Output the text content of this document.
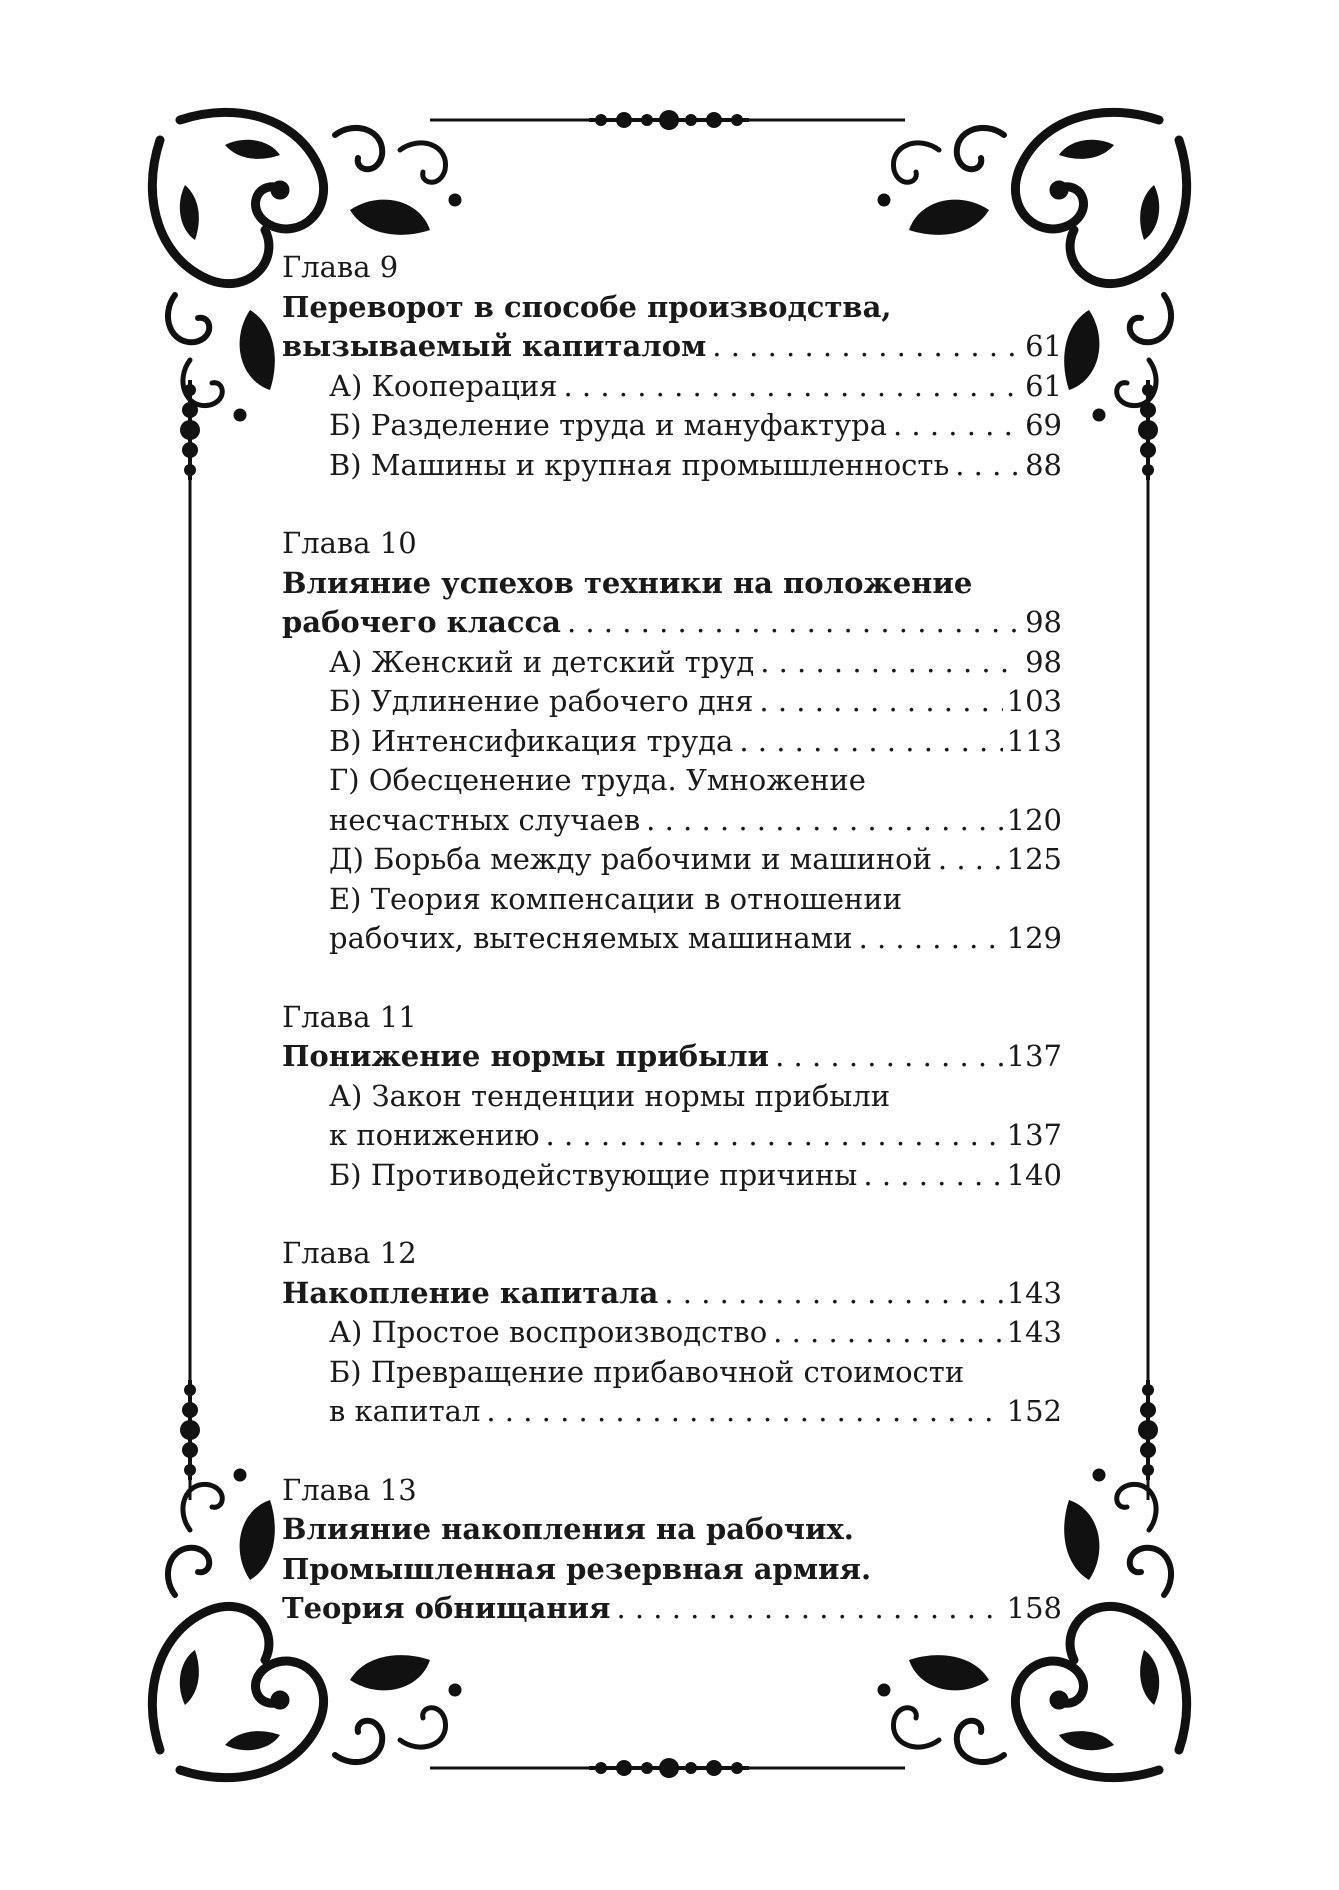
Глава 9
Переворот в способе производства,
вызываемый капиталом . . .	61
А) Кооперация . . .	61
Б) Разделение труда и мануфактура . . .	69
В) Машины и крупная промышленность . . .	88
Глава 10
Влияние успехов техники на положение
рабочего класса . . .	98
А) Женский и детский труд . . .	98
Б) Удлинение рабочего дня . . .	103
В) Интенсификация труда . . .	113
Г) Обесценение труда. Умножение
несчастных случаев . . .	120
Д) Борьба между рабочими и машиной . . .	125
Е) Теория компенсации в отношении
рабочих, вытесняемых машинами . . .	129
Глава 11
Понижение нормы прибыли . . .	137
А) Закон тенденции нормы прибыли
к понижению . . .	137
Б) Противодействующие причины . . .	140
Глава 12
Накопление капитала . . .	143
А) Простое воспроизводство . . .	143
Б) Превращение прибавочной стоимости
в капитал . . .	152
Глава 13
Влияние накопления на рабочих.
Промышленная резервная армия.
Теория обнищания . . .	158
